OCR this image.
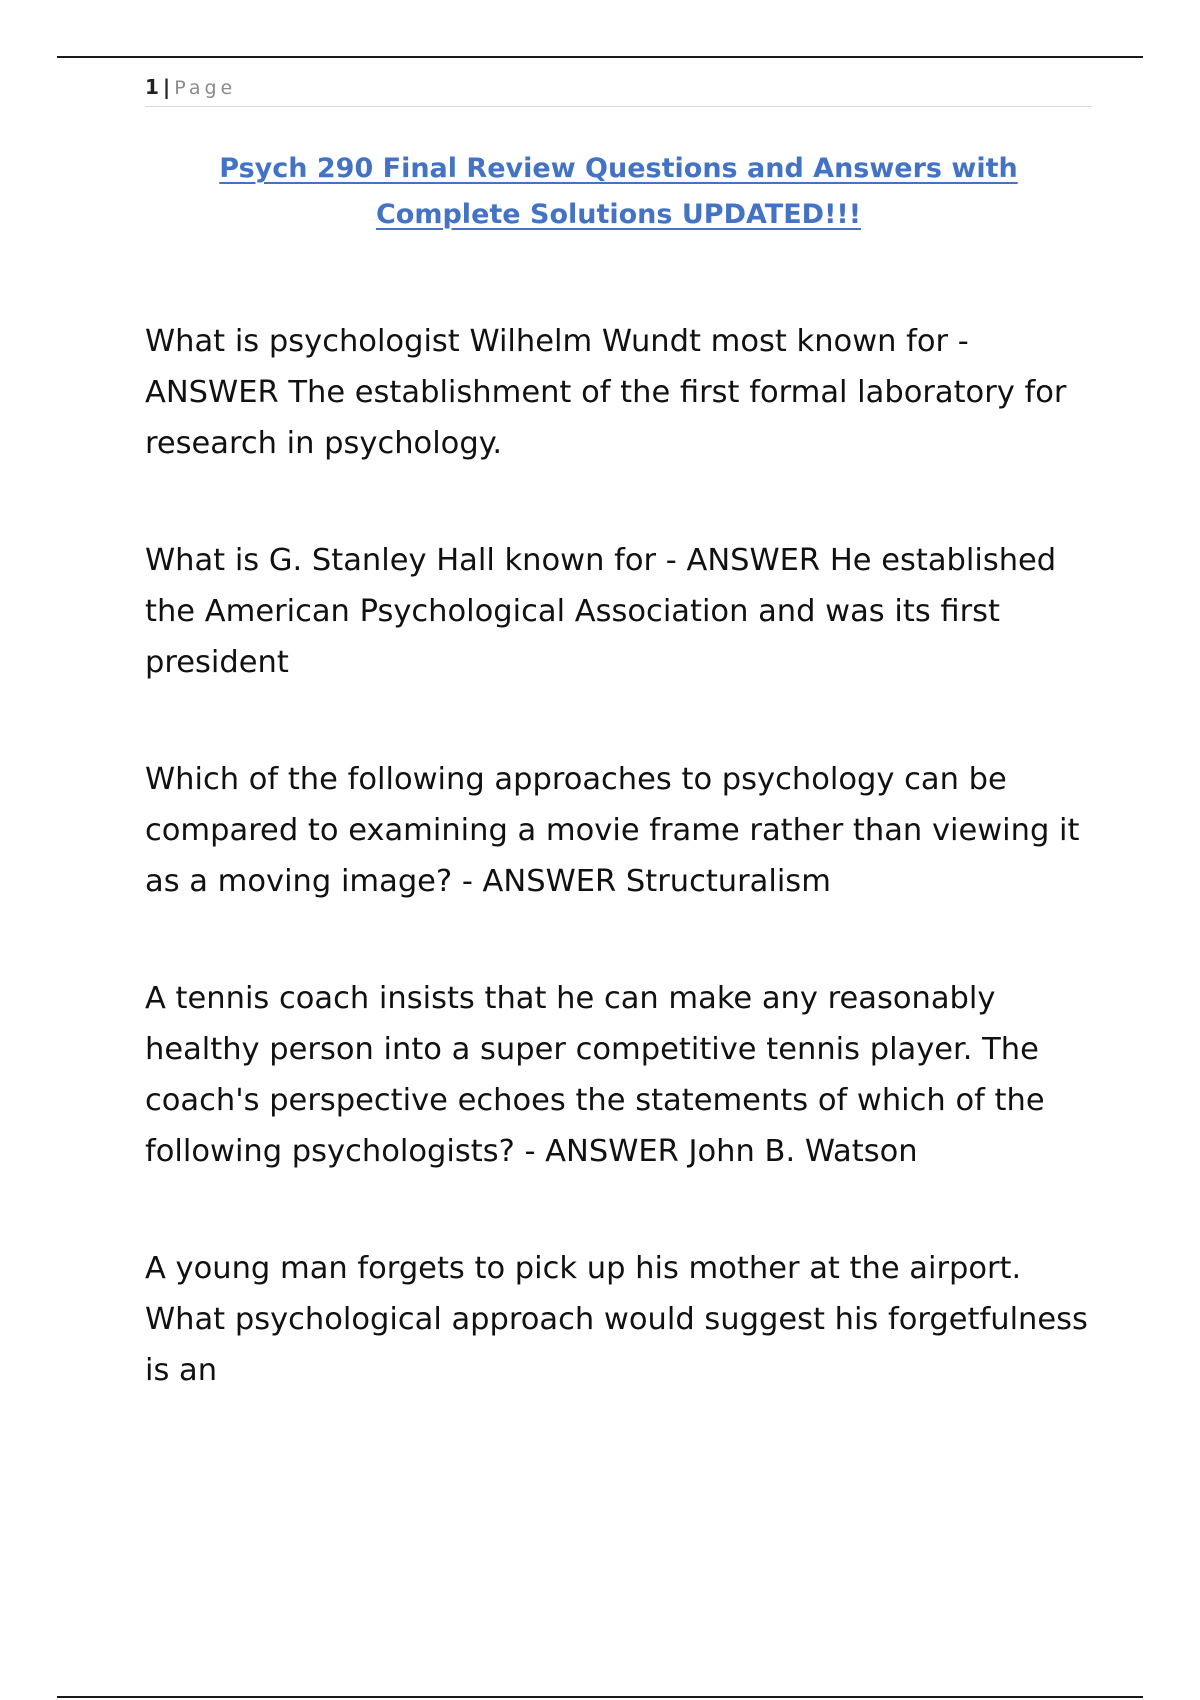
1 | Page
Psych 290 Final Review Questions and Answers with
Complete Solutions UPDATED!!!

What is psychologist Wilhelm Wundt most known for - ANSWER The establishment of the first formal laboratory for research in psychology.

What is G. Stanley Hall known for - ANSWER He established the American Psychological Association and was its first president

Which of the following approaches to psychology can be compared to examining a movie frame rather than viewing it as a moving image? - ANSWER Structuralism

A tennis coach insists that he can make any reasonably healthy person into a super competitive tennis player. The coach's perspective echoes the statements of which of the following psychologists? - ANSWER John B. Watson

A young man forgets to pick up his mother at the airport. What psychological approach would suggest his forgetfulness is an
